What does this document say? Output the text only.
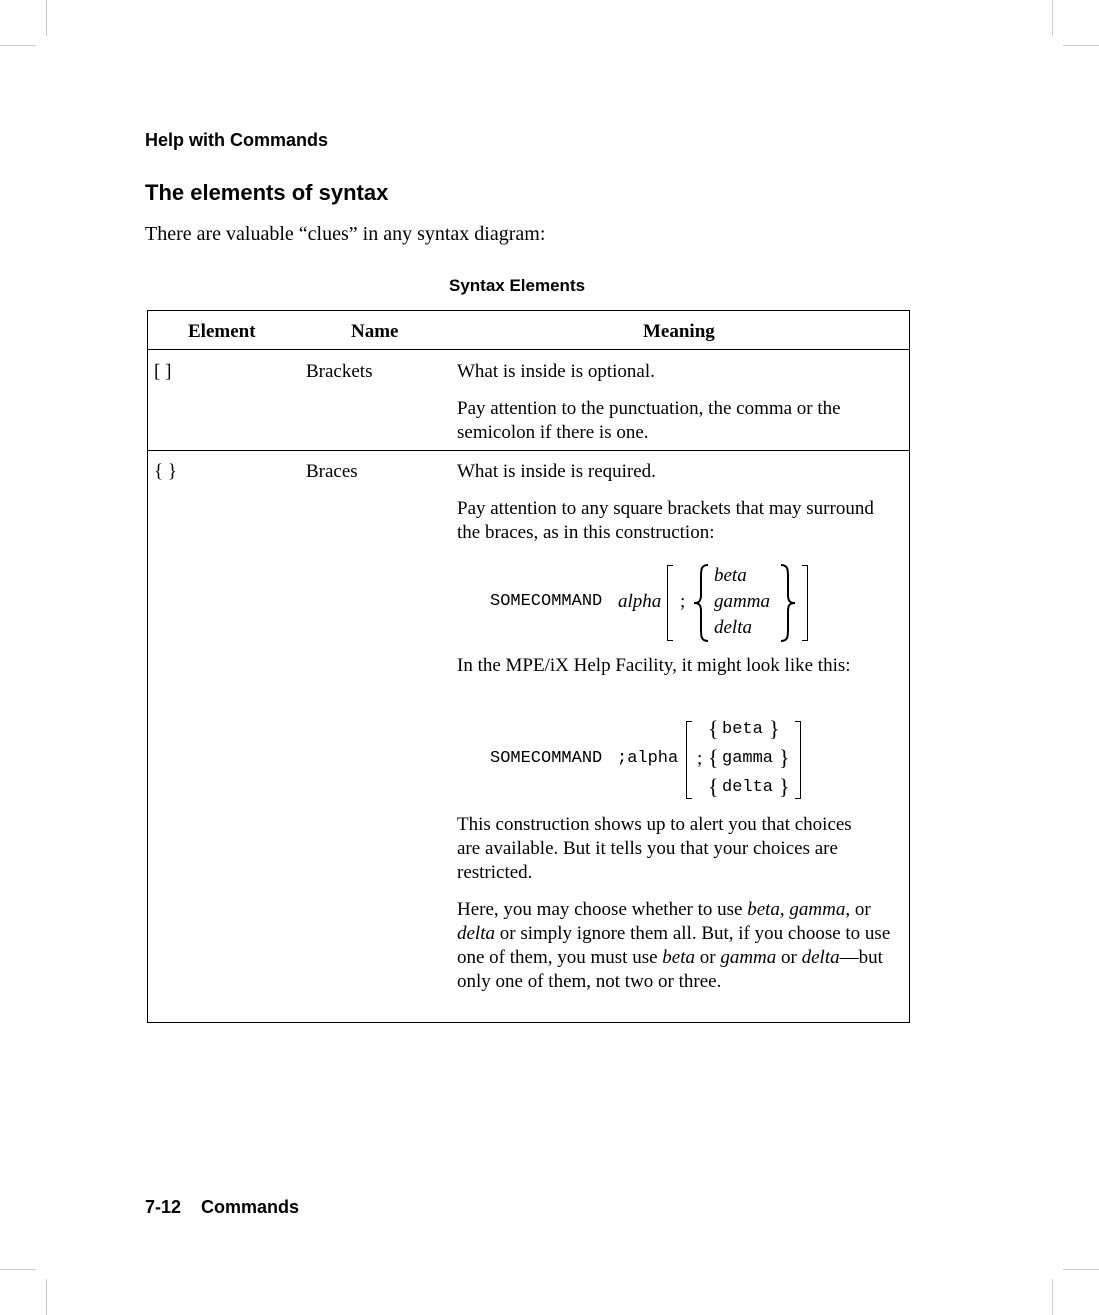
Help with Commands
The elements of syntax
There are valuable “clues” in any syntax diagram:
Syntax Elements
Element	Name	Meaning
[ ]	Brackets	What is inside is optional.
Pay attention to the punctuation, the comma or the semicolon if there is one.
{ }	Braces	What is inside is required.
Pay attention to any square brackets that may surround the braces, as in this construction:
SOMECOMMAND alpha ;
beta
gamma
delta
In the MPE/iX Help Facility, it might look like this:
SOMECOMMAND ;alpha ;
{ beta }
{ gamma }
{ delta }
This construction shows up to alert you that choices are available. But it tells you that your choices are restricted.
Here, you may choose whether to use beta, gamma, or delta or simply ignore them all. But, if you choose to use one of them, you must use beta or gamma or delta—but only one of them, not two or three.
7-12 Commands
